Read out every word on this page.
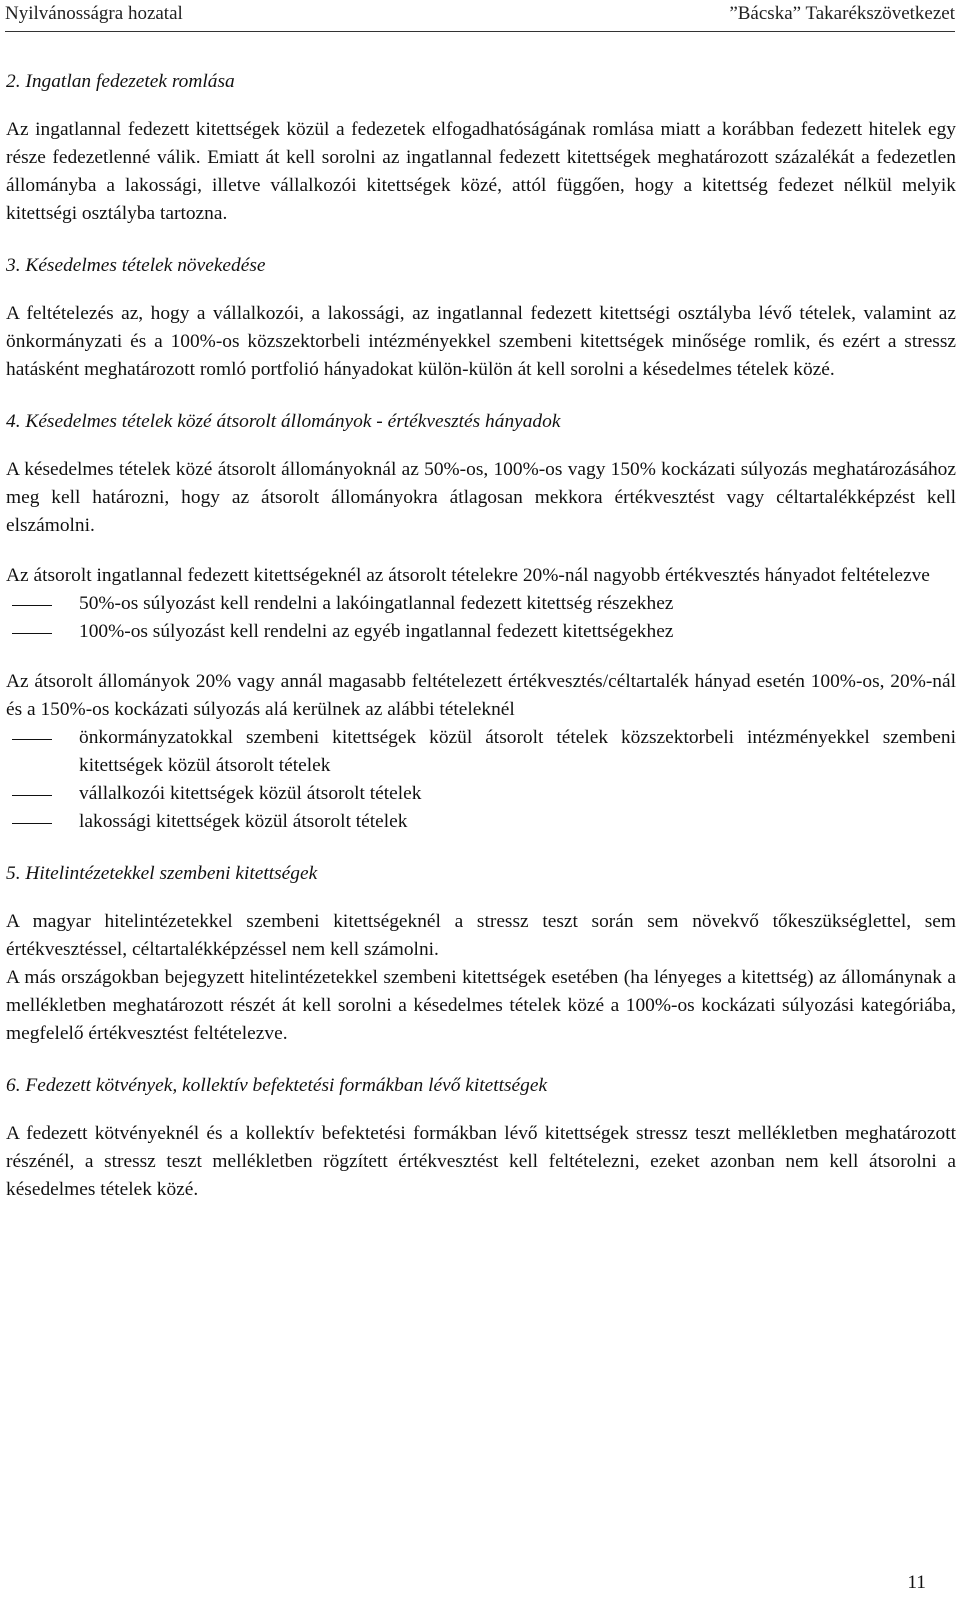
Nyilvánosságra hozatal	”Bácska” Takarékszövetkezet
2. Ingatlan fedezetek romlása

Az ingatlannal fedezett kitettségek közül a fedezetek elfogadhatóságának romlása miatt a korábban fedezett hitelek egy része fedezetlenné válik. Emiatt át kell sorolni az ingatlannal fedezett kitettségek meghatározott százalékát a fedezetlen állományba a lakossági, illetve vállalkozói kitettségek közé, attól függően, hogy a kitettség fedezet nélkül melyik kitettségi osztályba tartozna.

3. Késedelmes tételek növekedése

A feltételezés az, hogy a vállalkozói, a lakossági, az ingatlannal fedezett kitettségi osztályba lévő tételek, valamint az önkormányzati és a 100%-os közszektorbeli intézményekkel szembeni kitettségek minősége romlik, és ezért a stressz hatásként meghatározott romló portfolió hányadokat külön-külön át kell sorolni a késedelmes tételek közé.

4. Késedelmes tételek közé átsorolt állományok - értékvesztés hányadok

A késedelmes tételek közé átsorolt állományoknál az 50%-os, 100%-os vagy 150% kockázati súlyozás meghatározásához meg kell határozni, hogy az átsorolt állományokra átlagosan mekkora értékvesztést vagy céltartalékképzést kell elszámolni.

Az átsorolt ingatlannal fedezett kitettségeknél az átsorolt tételekre 20%-nál nagyobb értékvesztés hányadot feltételezve

50%-os súlyozást kell rendelni a lakóingatlannal fedezett kitettség részekhez
100%-os súlyozást kell rendelni az egyéb ingatlannal fedezett kitettségekhez

Az átsorolt állományok 20% vagy annál magasabb feltételezett értékvesztés/céltartalék hányad esetén 100%-os, 20%-nál és a 150%-os kockázati súlyozás alá kerülnek az alábbi tételeknél

önkormányzatokkal szembeni kitettségek közül átsorolt tételek közszektorbeli intézményekkel szembeni kitettségek közül átsorolt tételek
vállalkozói kitettségek közül átsorolt tételek
lakossági kitettségek közül átsorolt tételek
5. Hitelintézetekkel szembeni kitettségek

A magyar hitelintézetekkel szembeni kitettségeknél a stressz teszt során sem növekvő tőkeszükséglettel, sem értékvesztéssel, céltartalékképzéssel nem kell számolni.

A más országokban bejegyzett hitelintézetekkel szembeni kitettségek esetében (ha lényeges a kitettség) az állománynak a mellékletben meghatározott részét át kell sorolni a késedelmes tételek közé a 100%-os kockázati súlyozási kategóriába, megfelelő értékvesztést feltételezve.

6. Fedezett kötvények, kollektív befektetési formákban lévő kitettségek

A fedezett kötvényeknél és a kollektív befektetési formákban lévő kitettségek stressz teszt mellékletben meghatározott részénél, a stressz teszt mellékletben rögzített értékvesztést kell feltételezni, ezeket azonban nem kell átsorolni a késedelmes tételek közé.

11
